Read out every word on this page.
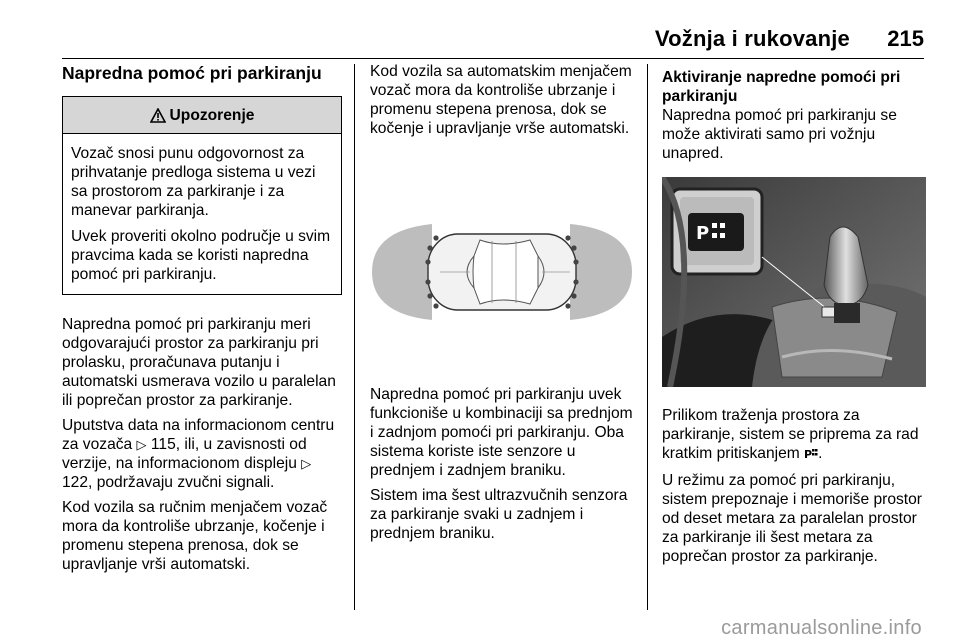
Vožnja i rukovanje 215
Napredna pomoć pri parkiranju
Upozorenje

Vozač snosi punu odgovornost za prihvatanje predloga sistema u vezi sa prostorom za parkiranje i za manevar parkiranja.

Uvek proveriti okolno područje u svim pravcima kada se koristi napredna pomoć pri parkiranju.

Napredna pomoć pri parkiranju meri odgovarajući prostor za parkiranju pri prolasku, proračunava putanju i automatski usmerava vozilo u paralelan ili poprečan prostor za parkiranje.

Uputstva data na informacionom centru za vozača ▷ 115, ili, u zavisnosti od verzije, na informacionom displeju ▷ 122, podržavaju zvučni signali.

Kod vozila sa ručnim menjačem vozač mora da kontroliše ubrzanje, kočenje i promenu stepena prenosa, dok se upravljanje vrši automatski.

Kod vozila sa automatskim menjačem vozač mora da kontroliše ubrzanje i promenu stepena prenosa, dok se kočenje i upravljanje vrše automatski.

Napredna pomoć pri parkiranju uvek funkcioniše u kombinaciji sa prednjom i zadnjom pomoći pri parkiranju. Oba sistema koriste iste senzore u prednjem i zadnjem braniku.

Sistem ima šest ultrazvučnih senzora za parkiranje svaki u zadnjem i prednjem braniku.

Aktiviranje napredne pomoći pri parkiranju

Napredna pomoć pri parkiranju se može aktivirati samo pri vožnju unapred.

P

Prilikom traženja prostora za parkiranje, sistem se priprema za rad kratkim pritiskanjem P .

U režimu za pomoć pri parkiranju, sistem prepoznaje i memoriše prostor od deset metara za paralelan prostor za parkiranje ili šest metara za poprečan prostor za parkiranje.

carmanualsonline.info
